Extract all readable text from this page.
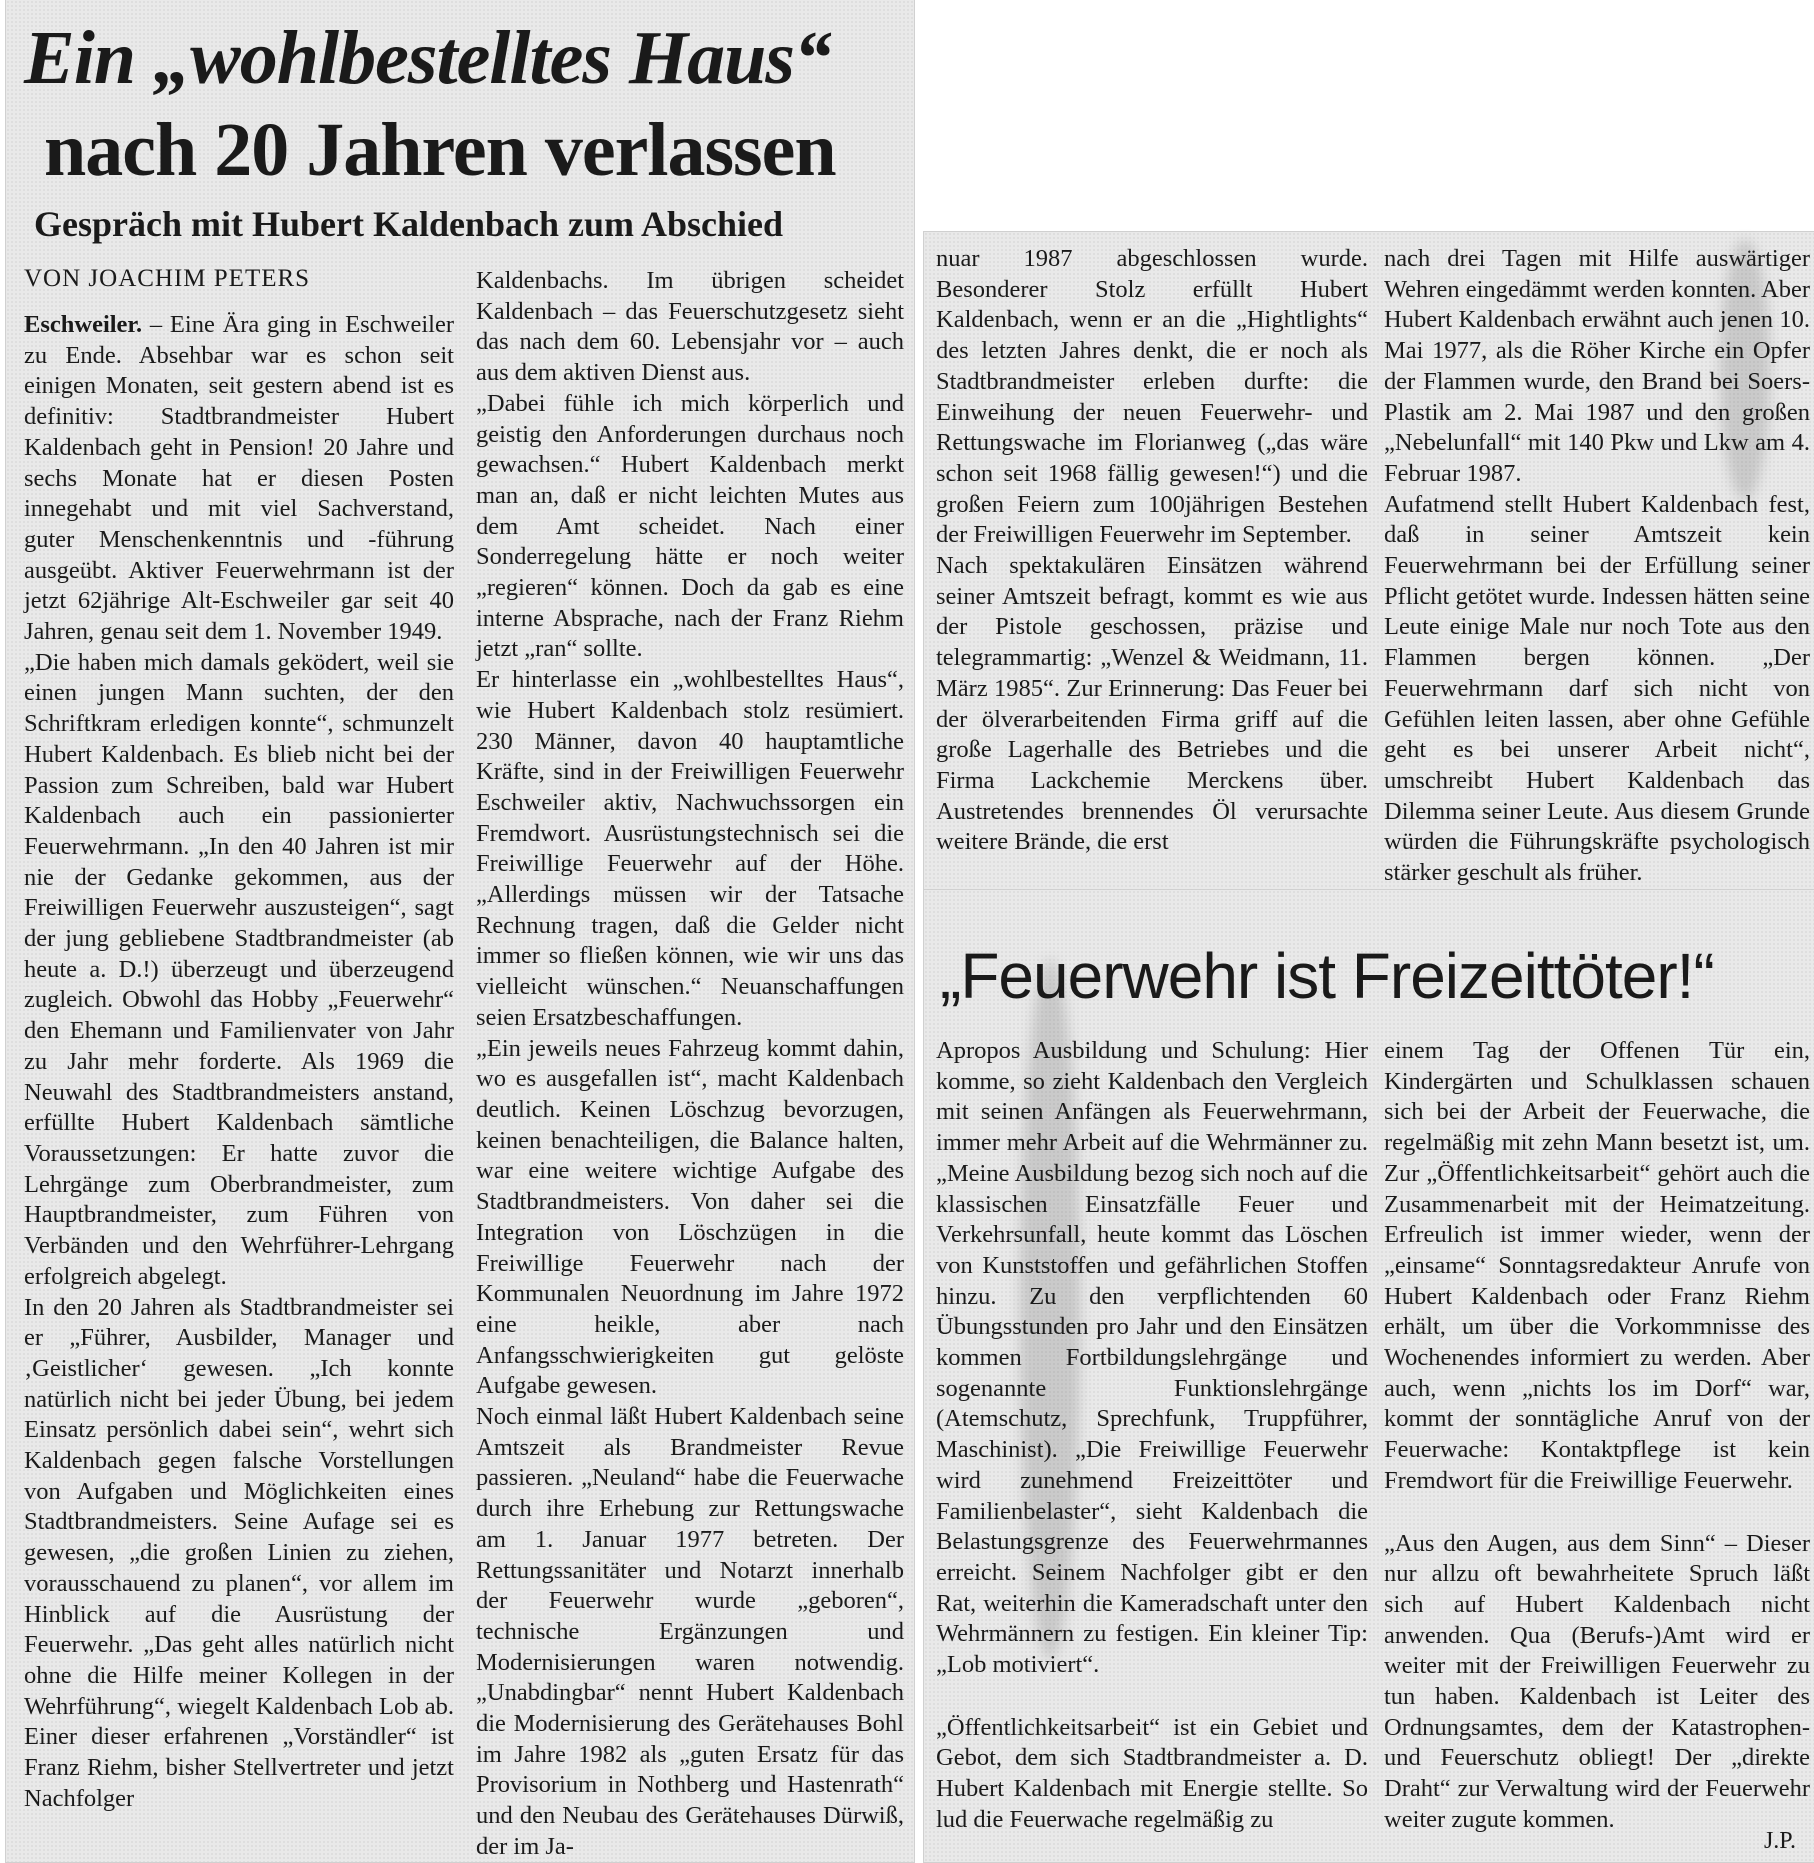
Ein „wohlbestelltes Haus“
nach 20 Jahren verlassen
Gespräch mit Hubert Kaldenbach zum Abschied
VON JOACHIM PETERS

Eschweiler. – Eine Ära ging in Eschweiler zu Ende. Absehbar war es schon seit einigen Monaten, seit gestern abend ist es definitiv: Stadtbrandmeister Hubert Kaldenbach geht in Pension! 20 Jahre und sechs Monate hat er diesen Posten innegehabt und mit viel Sachverstand, guter Menschenkenntnis und -führung ausgeübt. Aktiver Feuerwehrmann ist der jetzt 62jährige Alt-Eschweiler gar seit 40 Jahren, genau seit dem 1. November 1949.

„Die haben mich damals geködert, weil sie einen jungen Mann suchten, der den Schriftkram erledigen konnte“, schmunzelt Hubert Kaldenbach. Es blieb nicht bei der Passion zum Schreiben, bald war Hubert Kaldenbach auch ein passionierter Feuerwehrmann. „In den 40 Jahren ist mir nie der Gedanke gekommen, aus der Freiwilligen Feuerwehr auszusteigen“, sagt der jung gebliebene Stadtbrandmeister (ab heute a. D.!) überzeugt und überzeugend zugleich. Obwohl das Hobby „Feuerwehr“ den Ehemann und Familienvater von Jahr zu Jahr mehr forderte. Als 1969 die Neuwahl des Stadtbrandmeisters anstand, erfüllte Hubert Kaldenbach sämtliche Voraussetzungen: Er hatte zuvor die Lehrgänge zum Oberbrandmeister, zum Hauptbrandmeister, zum Führen von Verbänden und den Wehrführer-Lehrgang erfolgreich abgelegt.

In den 20 Jahren als Stadtbrandmeister sei er „Führer, Ausbilder, Manager und ‚Geistlicher‘ gewesen. „Ich konnte natürlich nicht bei jeder Übung, bei jedem Einsatz persönlich dabei sein“, wehrt sich Kaldenbach gegen falsche Vorstellungen von Aufgaben und Möglichkeiten eines Stadtbrandmeisters. Seine Aufage sei es gewesen, „die großen Linien zu ziehen, vorausschauend zu planen“, vor allem im Hinblick auf die Ausrüstung der Feuerwehr. „Das geht alles natürlich nicht ohne die Hilfe meiner Kollegen in der Wehrführung“, wiegelt Kaldenbach Lob ab. Einer dieser erfahrenen „Vorständler“ ist Franz Riehm, bisher Stellvertreter und jetzt Nachfolger

Kaldenbachs. Im übrigen scheidet Kaldenbach – das Feuerschutzgesetz sieht das nach dem 60. Lebensjahr vor – auch aus dem aktiven Dienst aus.

„Dabei fühle ich mich körperlich und geistig den Anforderungen durchaus noch gewachsen.“ Hubert Kaldenbach merkt man an, daß er nicht leichten Mutes aus dem Amt scheidet. Nach einer Sonderregelung hätte er noch weiter „regieren“ können. Doch da gab es eine interne Absprache, nach der Franz Riehm jetzt „ran“ sollte.

Er hinterlasse ein „wohlbestelltes Haus“, wie Hubert Kaldenbach stolz resümiert. 230 Männer, davon 40 hauptamtliche Kräfte, sind in der Freiwilligen Feuerwehr Eschweiler aktiv, Nachwuchssorgen ein Fremdwort. Ausrüstungstechnisch sei die Freiwillige Feuerwehr auf der Höhe. „Allerdings müssen wir der Tatsache Rechnung tragen, daß die Gelder nicht immer so fließen können, wie wir uns das vielleicht wünschen.“ Neuanschaffungen seien Ersatzbeschaffungen.

„Ein jeweils neues Fahrzeug kommt dahin, wo es ausgefallen ist“, macht Kaldenbach deutlich. Keinen Löschzug bevorzugen, keinen benachteiligen, die Balance halten, war eine weitere wichtige Aufgabe des Stadtbrandmeisters. Von daher sei die Integration von Löschzügen in die Freiwillige Feuerwehr nach der Kommunalen Neuordnung im Jahre 1972 eine heikle, aber nach Anfangsschwierigkeiten gut gelöste Aufgabe gewesen.

Noch einmal läßt Hubert Kaldenbach seine Amtszeit als Brandmeister Revue passieren. „Neuland“ habe die Feuerwache durch ihre Erhebung zur Rettungswache am 1. Januar 1977 betreten. Der Rettungssanitäter und Notarzt innerhalb der Feuerwehr wurde „geboren“, technische Ergänzungen und Modernisierungen waren notwendig. „Unabdingbar“ nennt Hubert Kaldenbach die Modernisierung des Gerätehauses Bohl im Jahre 1982 als „guten Ersatz für das Provisorium in Nothberg und Hastenrath“ und den Neubau des Gerätehauses Dürwiß, der im Ja-

nuar 1987 abgeschlossen wurde. Besonderer Stolz erfüllt Hubert Kaldenbach, wenn er an die „Hightlights“ des letzten Jahres denkt, die er noch als Stadtbrandmeister erleben durfte: die Einweihung der neuen Feuerwehr- und Rettungswache im Florianweg („das wäre schon seit 1968 fällig gewesen!“) und die großen Feiern zum 100jährigen Bestehen der Freiwilligen Feuerwehr im September.

Nach spektakulären Einsätzen während seiner Amtszeit befragt, kommt es wie aus der Pistole geschossen, präzise und telegrammartig: „Wenzel & Weidmann, 11. März 1985“. Zur Erinnerung: Das Feuer bei der ölverarbeitenden Firma griff auf die große Lagerhalle des Betriebes und die Firma Lackchemie Merckens über. Austretendes brennendes Öl verursachte weitere Brände, die erst

nach drei Tagen mit Hilfe auswärtiger Wehren eingedämmt werden konnten. Aber Hubert Kaldenbach erwähnt auch jenen 10. Mai 1977, als die Röher Kirche ein Opfer der Flammen wurde, den Brand bei Soers-Plastik am 2. Mai 1987 und den großen „Nebelunfall“ mit 140 Pkw und Lkw am 4. Februar 1987.

Aufatmend stellt Hubert Kaldenbach fest, daß in seiner Amtszeit kein Feuerwehrmann bei der Erfüllung seiner Pflicht getötet wurde. Indessen hätten seine Leute einige Male nur noch Tote aus den Flammen bergen können. „Der Feuerwehrmann darf sich nicht von Gefühlen leiten lassen, aber ohne Gefühle geht es bei unserer Arbeit nicht“, umschreibt Hubert Kaldenbach das Dilemma seiner Leute. Aus diesem Grunde würden die Führungskräfte psychologisch stärker geschult als früher.

„Feuerwehr ist Freizeittöter!“

Apropos Ausbildung und Schulung: Hier komme, so zieht Kaldenbach den Vergleich mit seinen Anfängen als Feuerwehrmann, immer mehr Arbeit auf die Wehrmänner zu. „Meine Ausbildung bezog sich noch auf die klassischen Einsatzfälle Feuer und Verkehrsunfall, heute kommt das Löschen von Kunststoffen und gefährlichen Stoffen hinzu. Zu den verpflichtenden 60 Übungsstunden pro Jahr und den Einsätzen kommen Fortbildungslehrgänge und sogenannte Funktionslehrgänge (Atemschutz, Sprechfunk, Truppführer, Maschinist). „Die Freiwillige Feuerwehr wird zunehmend Freizeittöter und Familienbelaster“, sieht Kaldenbach die Belastungsgrenze des Feuerwehrmannes erreicht. Seinem Nachfolger gibt er den Rat, weiterhin die Kameradschaft unter den Wehrmännern zu festigen. Ein kleiner Tip: „Lob motiviert“.

„Öffentlichkeitsarbeit“ ist ein Gebiet und Gebot, dem sich Stadtbrandmeister a. D. Hubert Kaldenbach mit Energie stellte. So lud die Feuerwache regelmäßig zu

einem Tag der Offenen Tür ein, Kindergärten und Schulklassen schauen sich bei der Arbeit der Feuerwache, die regelmäßig mit zehn Mann besetzt ist, um. Zur „Öffentlichkeitsarbeit“ gehört auch die Zusammenarbeit mit der Heimatzeitung. Erfreulich ist immer wieder, wenn der „einsame“ Sonntagsredakteur Anrufe von Hubert Kaldenbach oder Franz Riehm erhält, um über die Vorkommnisse des Wochenendes informiert zu werden. Aber auch, wenn „nichts los im Dorf“ war, kommt der sonntägliche Anruf von der Feuerwache: Kontaktpflege ist kein Fremdwort für die Freiwillige Feuerwehr.

„Aus den Augen, aus dem Sinn“ – Dieser nur allzu oft bewahrheitete Spruch läßt sich auf Hubert Kaldenbach nicht anwenden. Qua (Berufs-)Amt wird er weiter mit der Freiwilligen Feuerwehr zu tun haben. Kaldenbach ist Leiter des Ordnungsamtes, dem der Katastrophen- und Feuerschutz obliegt! Der „direkte Draht“ zur Verwaltung wird der Feuerwehr weiter zugute kommen.

J.P.
